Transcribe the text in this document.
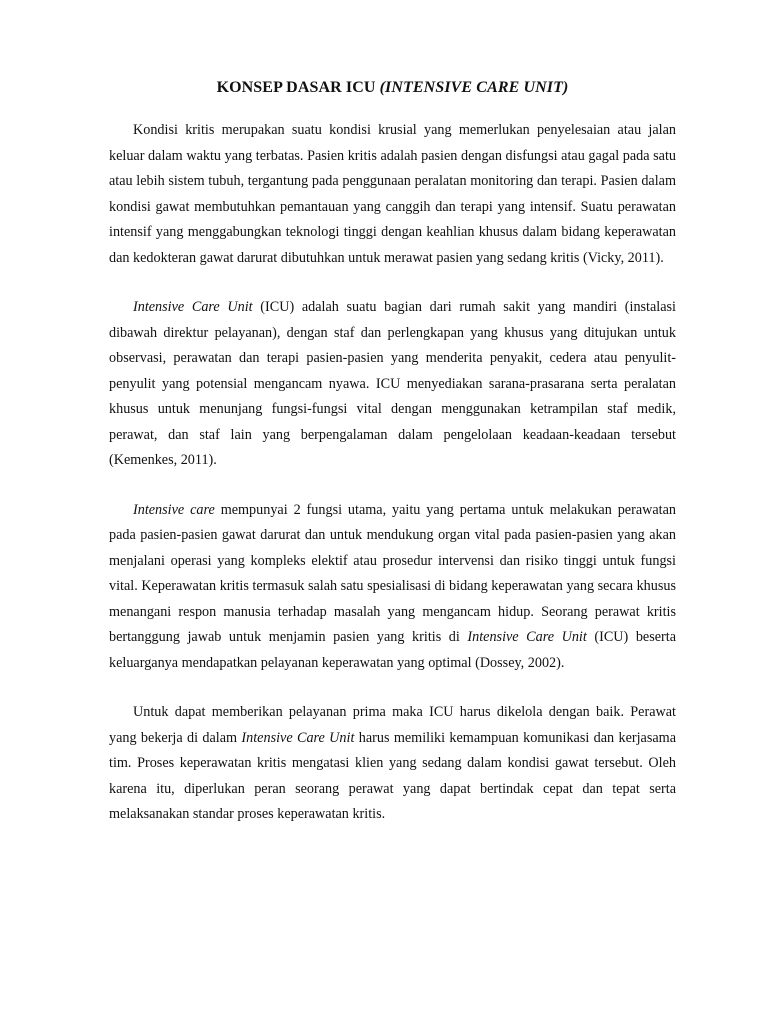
KONSEP DASAR ICU (INTENSIVE CARE UNIT)

Kondisi kritis merupakan suatu kondisi krusial yang memerlukan penyelesaian atau jalan keluar dalam waktu yang terbatas. Pasien kritis adalah pasien dengan disfungsi atau gagal pada satu atau lebih sistem tubuh, tergantung pada penggunaan peralatan monitoring dan terapi. Pasien dalam kondisi gawat membutuhkan pemantauan yang canggih dan terapi yang intensif. Suatu perawatan intensif yang menggabungkan teknologi tinggi dengan keahlian khusus dalam bidang keperawatan dan kedokteran gawat darurat dibutuhkan untuk merawat pasien yang sedang kritis (Vicky, 2011).

Intensive Care Unit (ICU) adalah suatu bagian dari rumah sakit yang mandiri (instalasi dibawah direktur pelayanan), dengan staf dan perlengkapan yang khusus yang ditujukan untuk observasi, perawatan dan terapi pasien-pasien yang menderita penyakit, cedera atau penyulit-penyulit yang potensial mengancam nyawa. ICU menyediakan sarana-prasarana serta peralatan khusus untuk menunjang fungsi-fungsi vital dengan menggunakan ketrampilan staf medik, perawat, dan staf lain yang berpengalaman dalam pengelolaan keadaan-keadaan tersebut (Kemenkes, 2011).

Intensive care mempunyai 2 fungsi utama, yaitu yang pertama untuk melakukan perawatan pada pasien-pasien gawat darurat dan untuk mendukung organ vital pada pasien-pasien yang akan menjalani operasi yang kompleks elektif atau prosedur intervensi dan risiko tinggi untuk fungsi vital. Keperawatan kritis termasuk salah satu spesialisasi di bidang keperawatan yang secara khusus menangani respon manusia terhadap masalah yang mengancam hidup. Seorang perawat kritis bertanggung jawab untuk menjamin pasien yang kritis di Intensive Care Unit (ICU) beserta keluarganya mendapatkan pelayanan keperawatan yang optimal (Dossey, 2002).

Untuk dapat memberikan pelayanan prima maka ICU harus dikelola dengan baik. Perawat yang bekerja di dalam Intensive Care Unit harus memiliki kemampuan komunikasi dan kerjasama tim. Proses keperawatan kritis mengatasi klien yang sedang dalam kondisi gawat tersebut. Oleh karena itu, diperlukan peran seorang perawat yang dapat bertindak cepat dan tepat serta melaksanakan standar proses keperawatan kritis.
